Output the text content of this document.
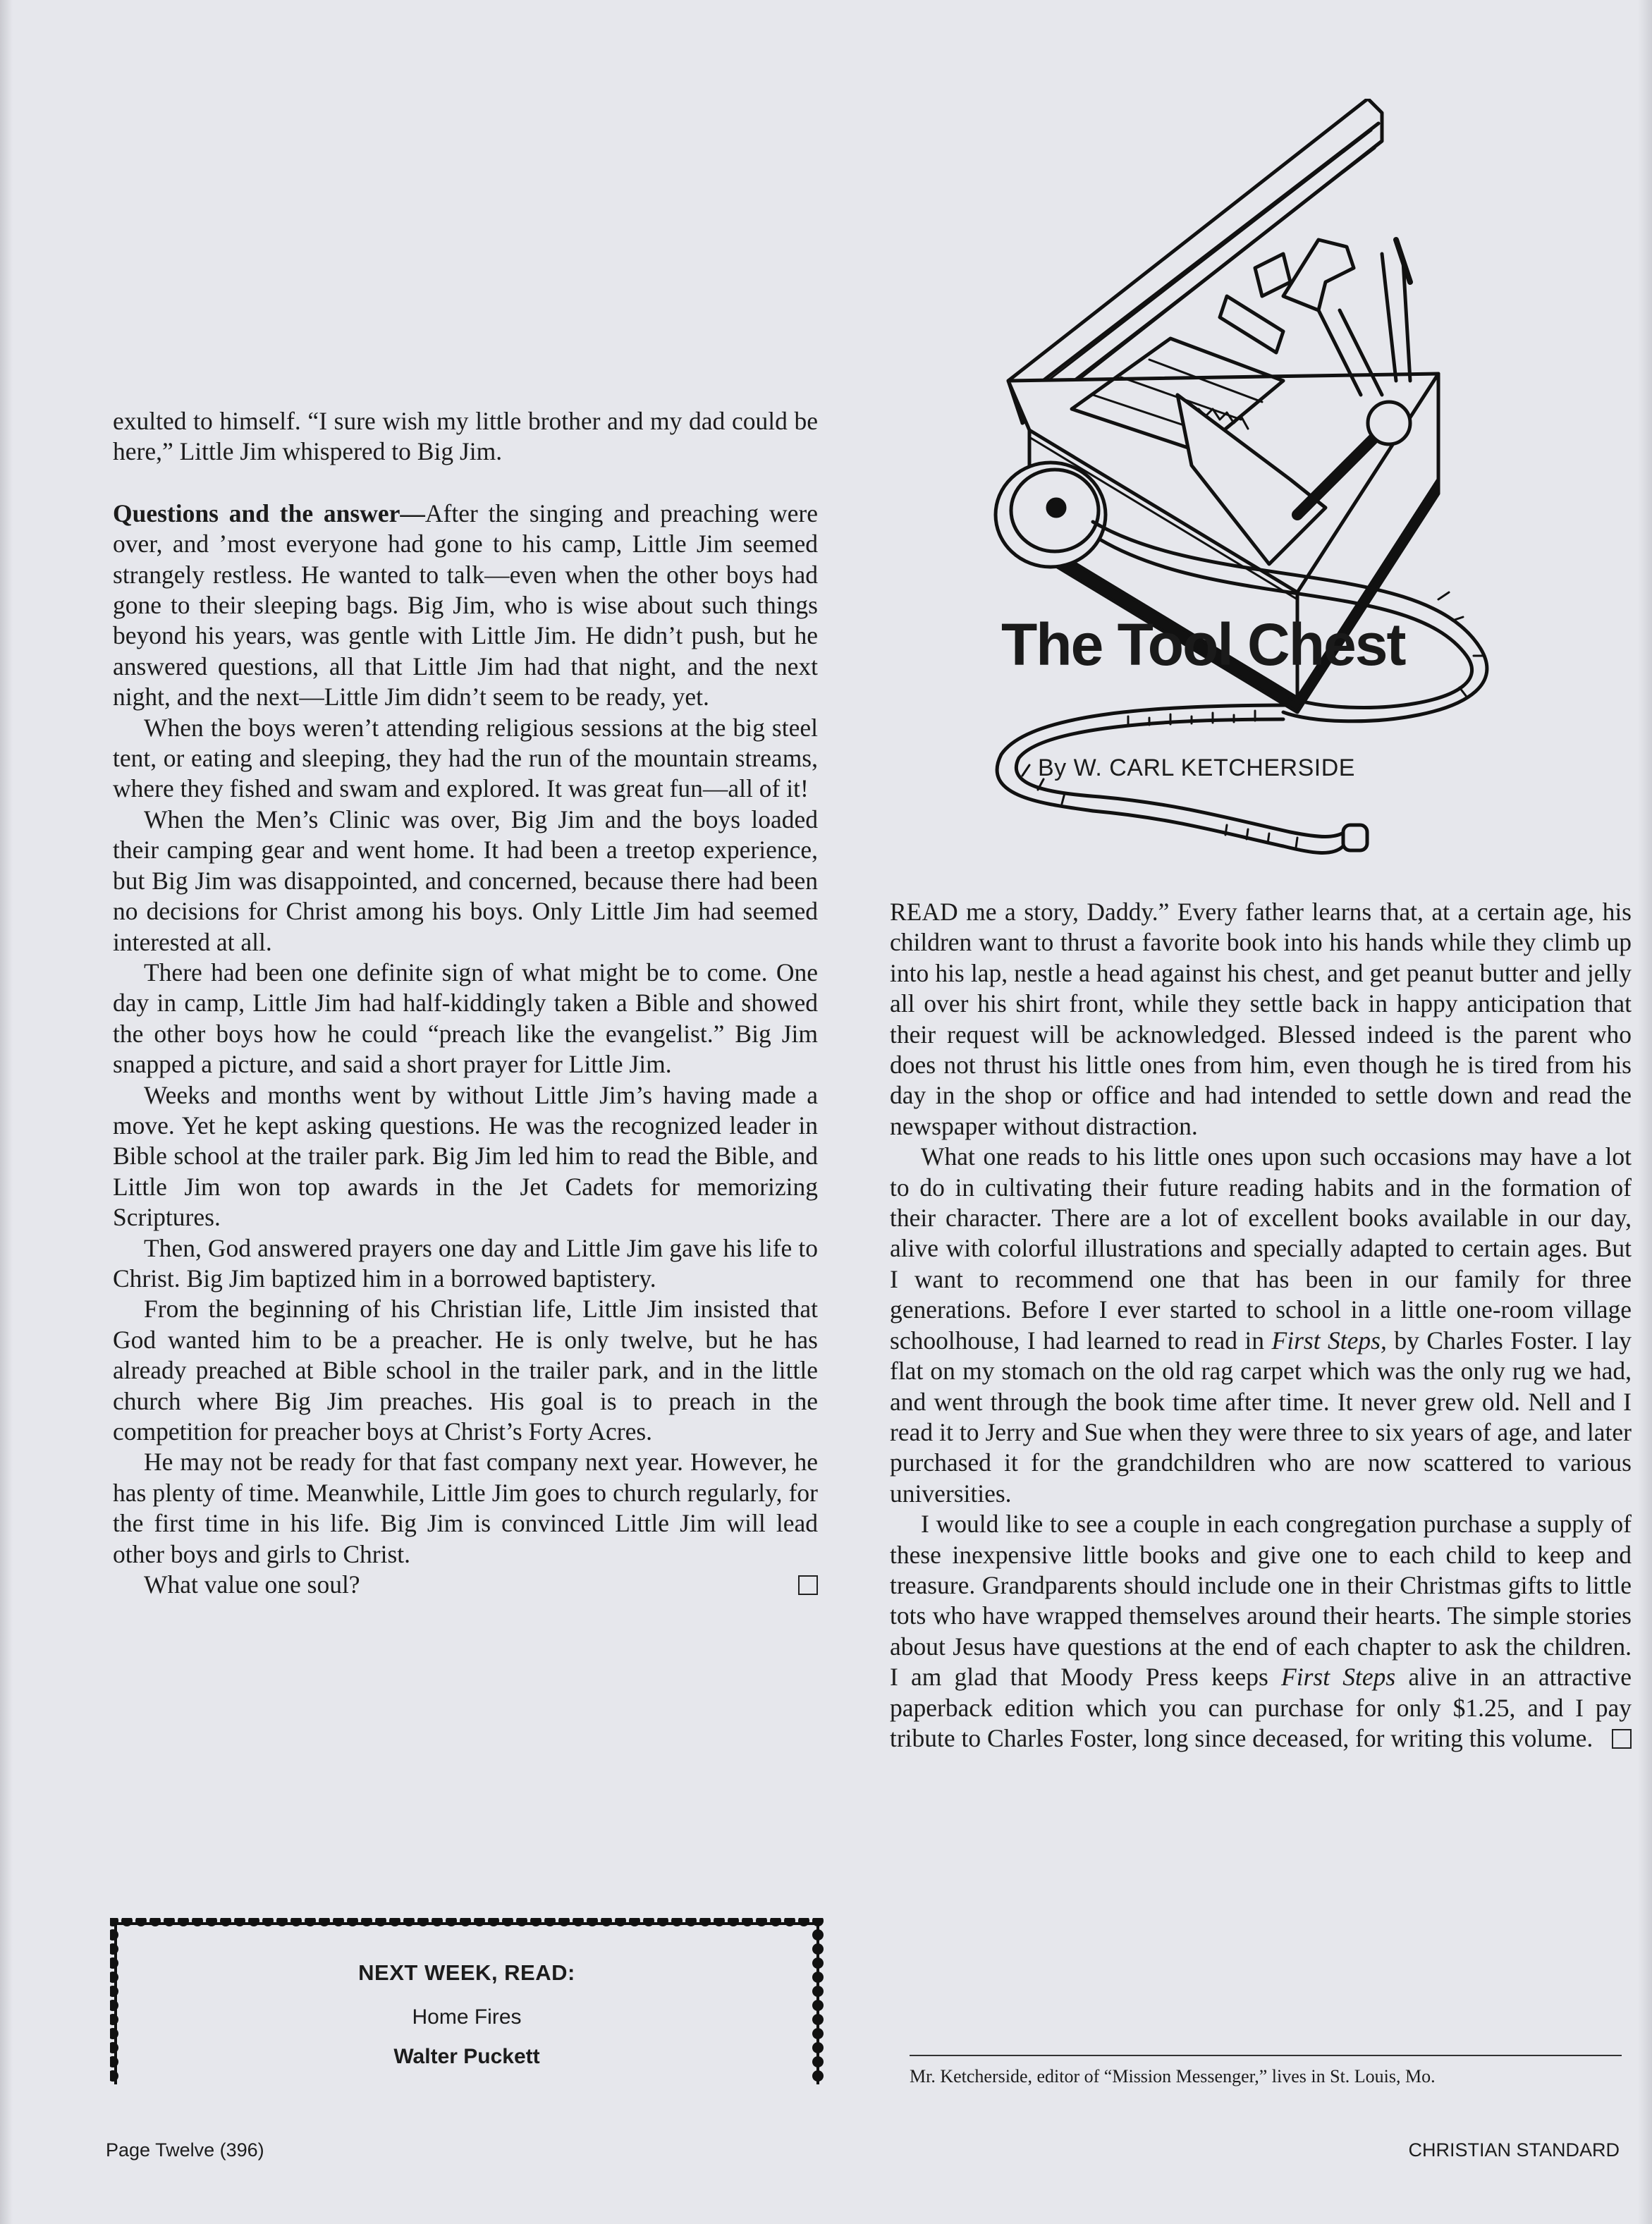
exulted to himself. “I sure wish my little brother and my dad could be here,” Little Jim whispered to Big Jim.

Questions and the answer—After the singing and preaching were over, and ’most everyone had gone to his camp, Little Jim seemed strangely restless. He wanted to talk—even when the other boys had gone to their sleeping bags. Big Jim, who is wise about such things beyond his years, was gentle with Little Jim. He didn’t push, but he answered questions, all that Little Jim had that night, and the next night, and the next—Little Jim didn’t seem to be ready, yet.

When the boys weren’t attending religious sessions at the big steel tent, or eating and sleeping, they had the run of the mountain streams, where they fished and swam and explored. It was great fun—all of it!

When the Men’s Clinic was over, Big Jim and the boys loaded their camping gear and went home. It had been a treetop experience, but Big Jim was disappointed, and concerned, because there had been no decisions for Christ among his boys. Only Little Jim had seemed interested at all.

There had been one definite sign of what might be to come. One day in camp, Little Jim had half-kiddingly taken a Bible and showed the other boys how he could “preach like the evangelist.” Big Jim snapped a picture, and said a short prayer for Little Jim.

Weeks and months went by without Little Jim’s having made a move. Yet he kept asking questions. He was the recognized leader in Bible school at the trailer park. Big Jim led him to read the Bible, and Little Jim won top awards in the Jet Cadets for memorizing Scriptures.

Then, God answered prayers one day and Little Jim gave his life to Christ. Big Jim baptized him in a borrowed baptistery.

From the beginning of his Christian life, Little Jim insisted that God wanted him to be a preacher. He is only twelve, but he has already preached at Bible school in the trailer park, and in the little church where Big Jim preaches. His goal is to preach in the competition for preacher boys at Christ’s Forty Acres.

He may not be ready for that fast company next year. However, he has plenty of time. Meanwhile, Little Jim goes to church regularly, for the first time in his life. Big Jim is convinced Little Jim will lead other boys and girls to Christ.

What value one soul?

NEXT WEEK, READ:
Home Fires
Walter Puckett
The Tool Chest
By W. CARL KETCHERSIDE

READ me a story, Daddy.” Every father learns that, at a certain age, his children want to thrust a favorite book into his hands while they climb up into his lap, nestle a head against his chest, and get peanut butter and jelly all over his shirt front, while they settle back in happy anticipation that their request will be acknowledged. Blessed indeed is the parent who does not thrust his little ones from him, even though he is tired from his day in the shop or office and had intended to settle down and read the newspaper without distraction.

What one reads to his little ones upon such occasions may have a lot to do in cultivating their future reading habits and in the formation of their character. There are a lot of excellent books available in our day, alive with colorful illustrations and specially adapted to certain ages. But I want to recommend one that has been in our family for three generations. Before I ever started to school in a little one-room village schoolhouse, I had learned to read in First Steps, by Charles Foster. I lay flat on my stomach on the old rag carpet which was the only rug we had, and went through the book time after time. It never grew old. Nell and I read it to Jerry and Sue when they were three to six years of age, and later purchased it for the grandchildren who are now scattered to various universities.

I would like to see a couple in each congregation purchase a supply of these inexpensive little books and give one to each child to keep and treasure. Grandparents should include one in their Christmas gifts to little tots who have wrapped themselves around their hearts. The simple stories about Jesus have questions at the end of each chapter to ask the children. I am glad that Moody Press keeps First Steps alive in an attractive paperback edition which you can purchase for only $1.25, and I pay tribute to Charles Foster, long since deceased, for writing this volume.

Mr. Ketcherside, editor of “Mission Messenger,” lives in St. Louis, Mo.
Page Twelve (396)	CHRISTIAN STANDARD
